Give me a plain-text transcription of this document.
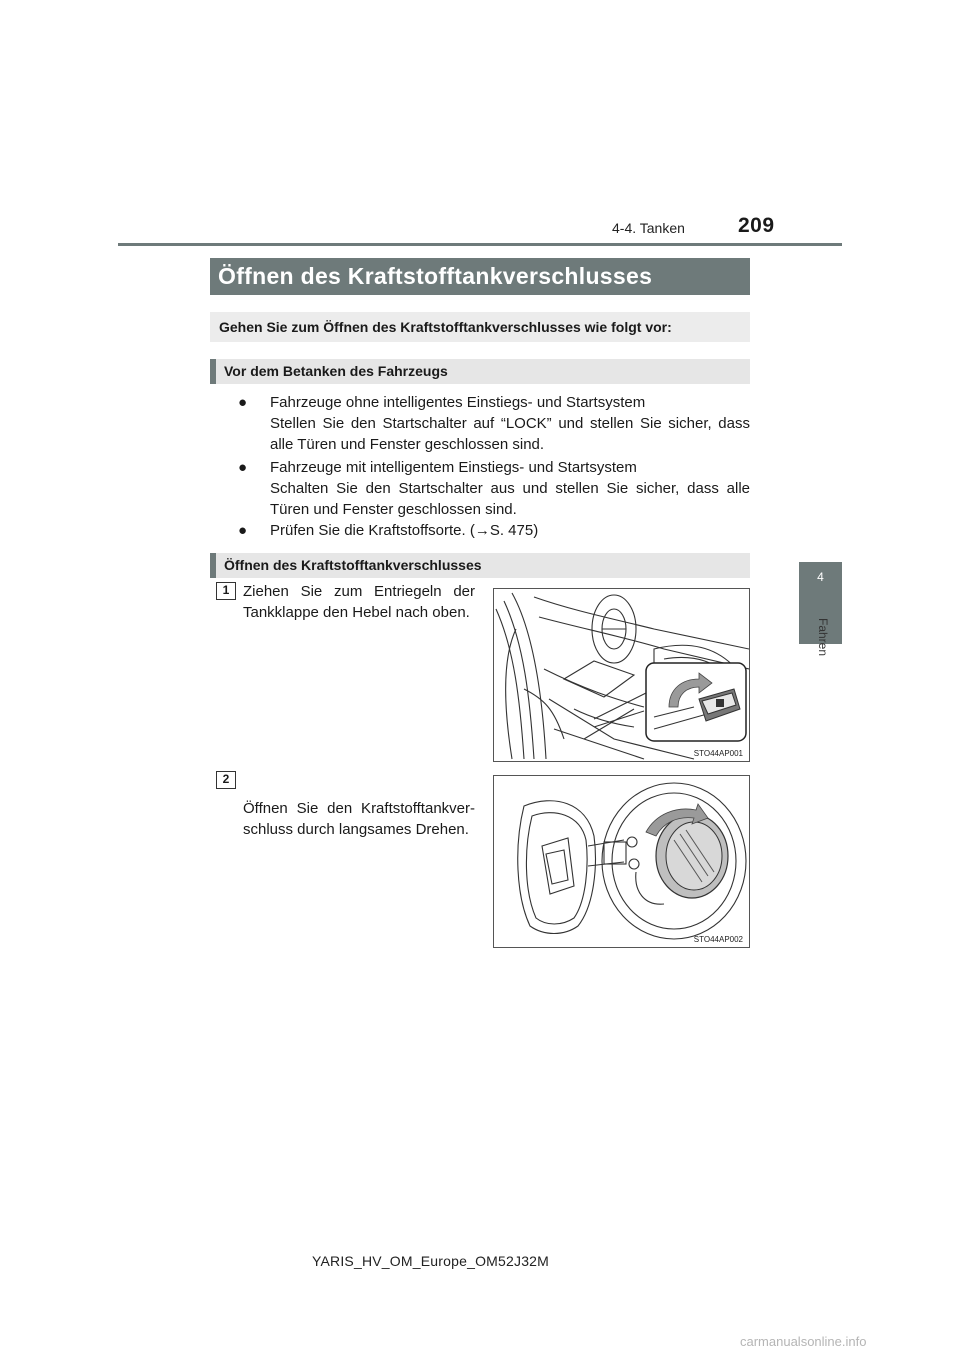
209
4-4. Tanken
4
Fahren
Öffnen des Kraftstofftankverschlusses
Gehen Sie zum Öffnen des Kraftstofftankverschlusses wie folgt vor:
Vor dem Betanken des Fahrzeugs
● Fahrzeuge ohne intelligentes Einstiegs- und Startsystem
Stellen Sie den Startschalter auf “LOCK” und stellen Sie sicher, dass alle Türen und Fenster geschlossen sind.
● Fahrzeuge mit intelligentem Einstiegs- und Startsystem
Schalten Sie den Startschalter aus und stellen Sie sicher, dass alle Türen und Fenster geschlossen sind.
● Prüfen Sie die Kraftstoffsorte. (→S. 475)
Öffnen des Kraftstofftankverschlusses
1 Ziehen Sie zum Entriegeln der Tankklappe den Hebel nach oben.
STO44AP001
2
Öffnen Sie den Kraftstofftankver-schluss durch langsames Drehen.
STO44AP002
YARIS_HV_OM_Europe_OM52J32M
carmanualsonline.info
